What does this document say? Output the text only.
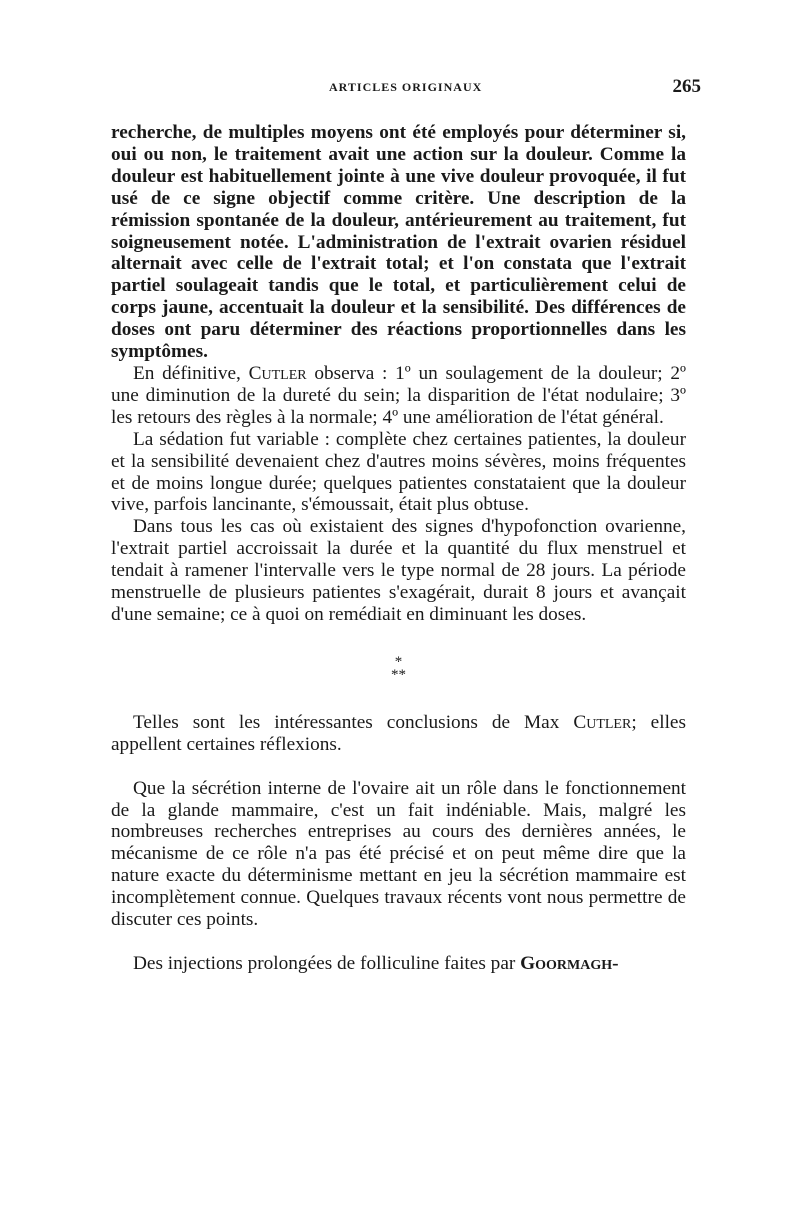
ARTICLES ORIGINAUX	265

recherche, de multiples moyens ont été employés pour déterminer si, oui ou non, le traitement avait une action sur la douleur. Comme la douleur est habituellement jointe à une vive douleur provoquée, il fut usé de ce signe objectif comme critère. Une description de la rémission spontanée de la douleur, antérieurement au traitement, fut soigneusement notée. L'administration de l'extrait ovarien résiduel alternait avec celle de l'extrait total; et l'on constata que l'extrait partiel soulageait tandis que le total, et particulièrement celui de corps jaune, accentuait la douleur et la sensibilité. Des différences de doses ont paru déterminer des réactions proportionnelles dans les symptômes.

En définitive, Cutler observa : 1º un soulagement de la douleur; 2º une diminution de la dureté du sein; la disparition de l'état nodulaire; 3º les retours des règles à la normale; 4º une amélioration de l'état général.

La sédation fut variable : complète chez certaines patientes, la douleur et la sensibilité devenaient chez d'autres moins sévères, moins fréquentes et de moins longue durée; quelques patientes constataient que la douleur vive, parfois lancinante, s'émoussait, était plus obtuse.

Dans tous les cas où existaient des signes d'hypofonction ovarienne, l'extrait partiel accroissait la durée et la quantité du flux menstruel et tendait à ramener l'intervalle vers le type normal de 28 jours. La période menstruelle de plusieurs patientes s'exagérait, durait 8 jours et avançait d'une semaine; ce à quoi on remédiait en diminuant les doses.

*
**

Telles sont les intéressantes conclusions de Max Cutler; elles appellent certaines réflexions.

Que la sécrétion interne de l'ovaire ait un rôle dans le fonctionnement de la glande mammaire, c'est un fait indéniable. Mais, malgré les nombreuses recherches entreprises au cours des dernières années, le mécanisme de ce rôle n'a pas été précisé et on peut même dire que la nature exacte du déterminisme mettant en jeu la sécrétion mammaire est incomplètement connue. Quelques travaux récents vont nous permettre de discuter ces points.

Des injections prolongées de folliculine faites par Goormagh-
